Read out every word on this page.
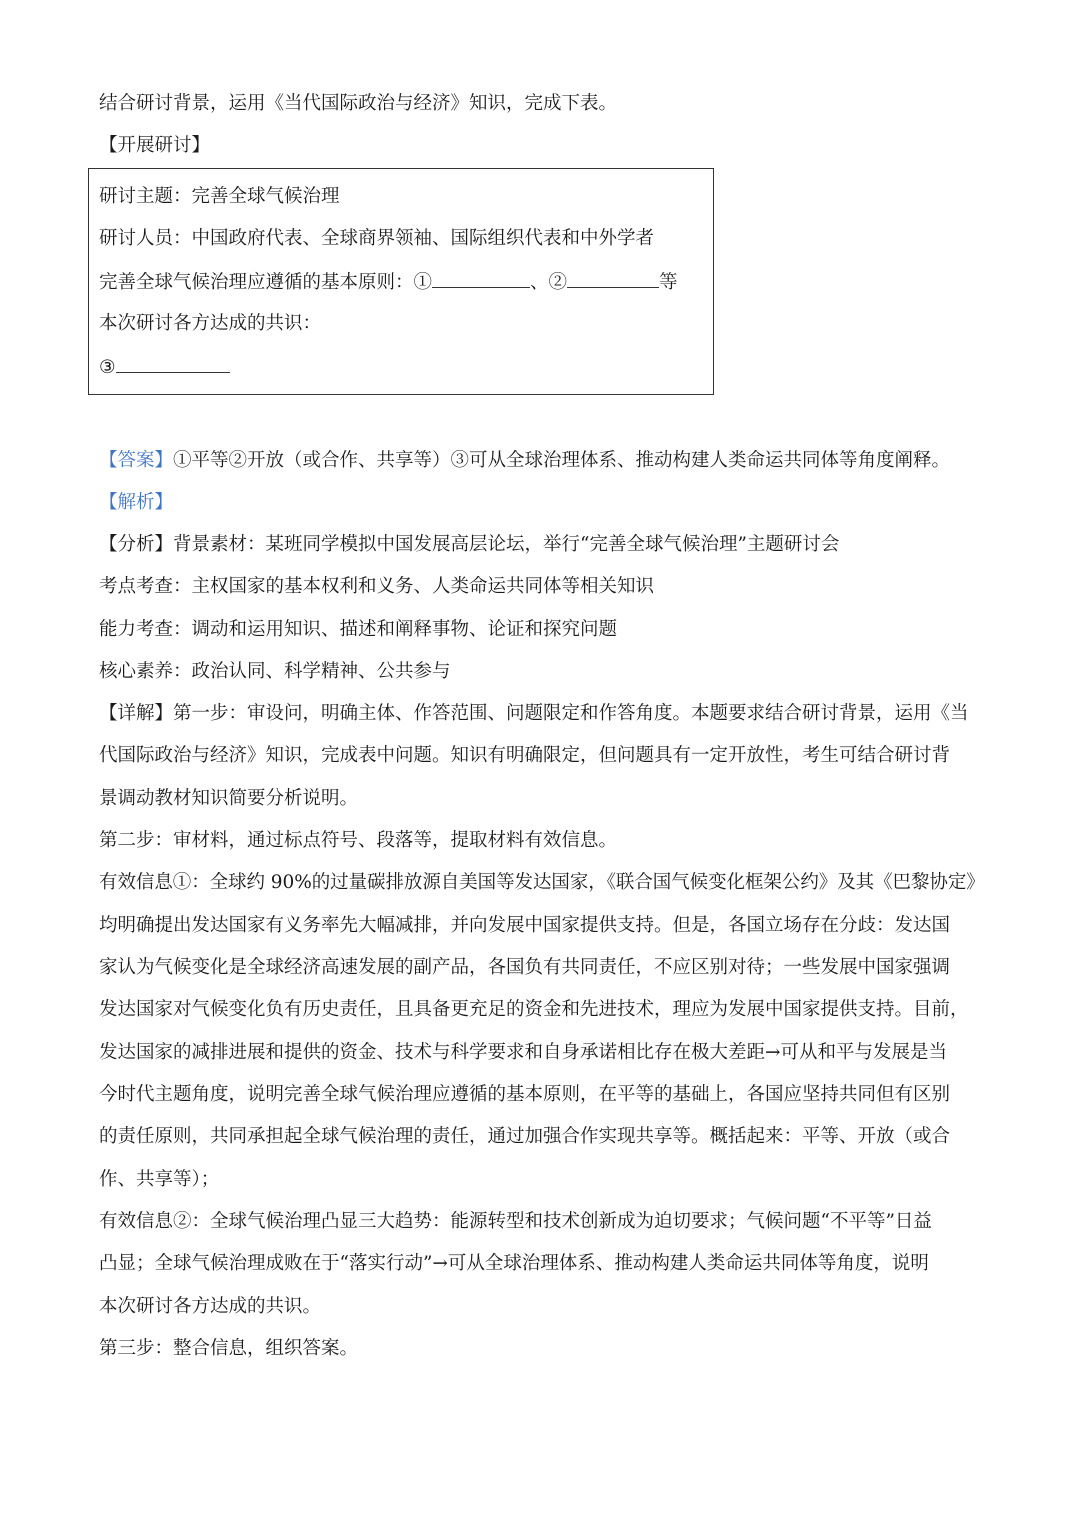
结合研讨背景，运用《当代国际政治与经济》知识，完成下表。
【开展研讨】
研讨主题：完善全球气候治理
研讨人员：中国政府代表、全球商界领袖、国际组织代表和中外学者
完善全球气候治理应遵循的基本原则：①	、②	等
本次研讨各方达成的共识：
③
【答案】①平等②开放（或合作、共享等）③可从全球治理体系、推动构建人类命运共同体等角度阐释。
【解析】
【分析】背景素材：某班同学模拟中国发展高层论坛，举行“完善全球气候治理”主题研讨会
考点考查：主权国家的基本权利和义务、人类命运共同体等相关知识
能力考查：调动和运用知识、描述和阐释事物、论证和探究问题
核心素养：政治认同、科学精神、公共参与
【详解】第一步：审设问，明确主体、作答范围、问题限定和作答角度。本题要求结合研讨背景，运用《当
代国际政治与经济》知识，完成表中问题。知识有明确限定，但问题具有一定开放性，考生可结合研讨背
景调动教材知识简要分析说明。
第二步：审材料，通过标点符号、段落等，提取材料有效信息。
有效信息①：全球约 90%的过量碳排放源自美国等发达国家，《联合国气候变化框架公约》及其《巴黎协定》
均明确提出发达国家有义务率先大幅减排，并向发展中国家提供支持。但是，各国立场存在分歧：发达国
家认为气候变化是全球经济高速发展的副产品，各国负有共同责任，不应区别对待；一些发展中国家强调
发达国家对气候变化负有历史责任，且具备更充足的资金和先进技术，理应为发展中国家提供支持。目前，
发达国家的减排进展和提供的资金、技术与科学要求和自身承诺相比存在极大差距→可从和平与发展是当
今时代主题角度，说明完善全球气候治理应遵循的基本原则，在平等的基础上，各国应坚持共同但有区别
的责任原则，共同承担起全球气候治理的责任，通过加强合作实现共享等。概括起来：平等、开放（或合
作、共享等）；
有效信息②：全球气候治理凸显三大趋势：能源转型和技术创新成为迫切要求；气候问题“不平等”日益
凸显；全球气候治理成败在于“落实行动”→可从全球治理体系、推动构建人类命运共同体等角度，说明
本次研讨各方达成的共识。
第三步：整合信息，组织答案。
